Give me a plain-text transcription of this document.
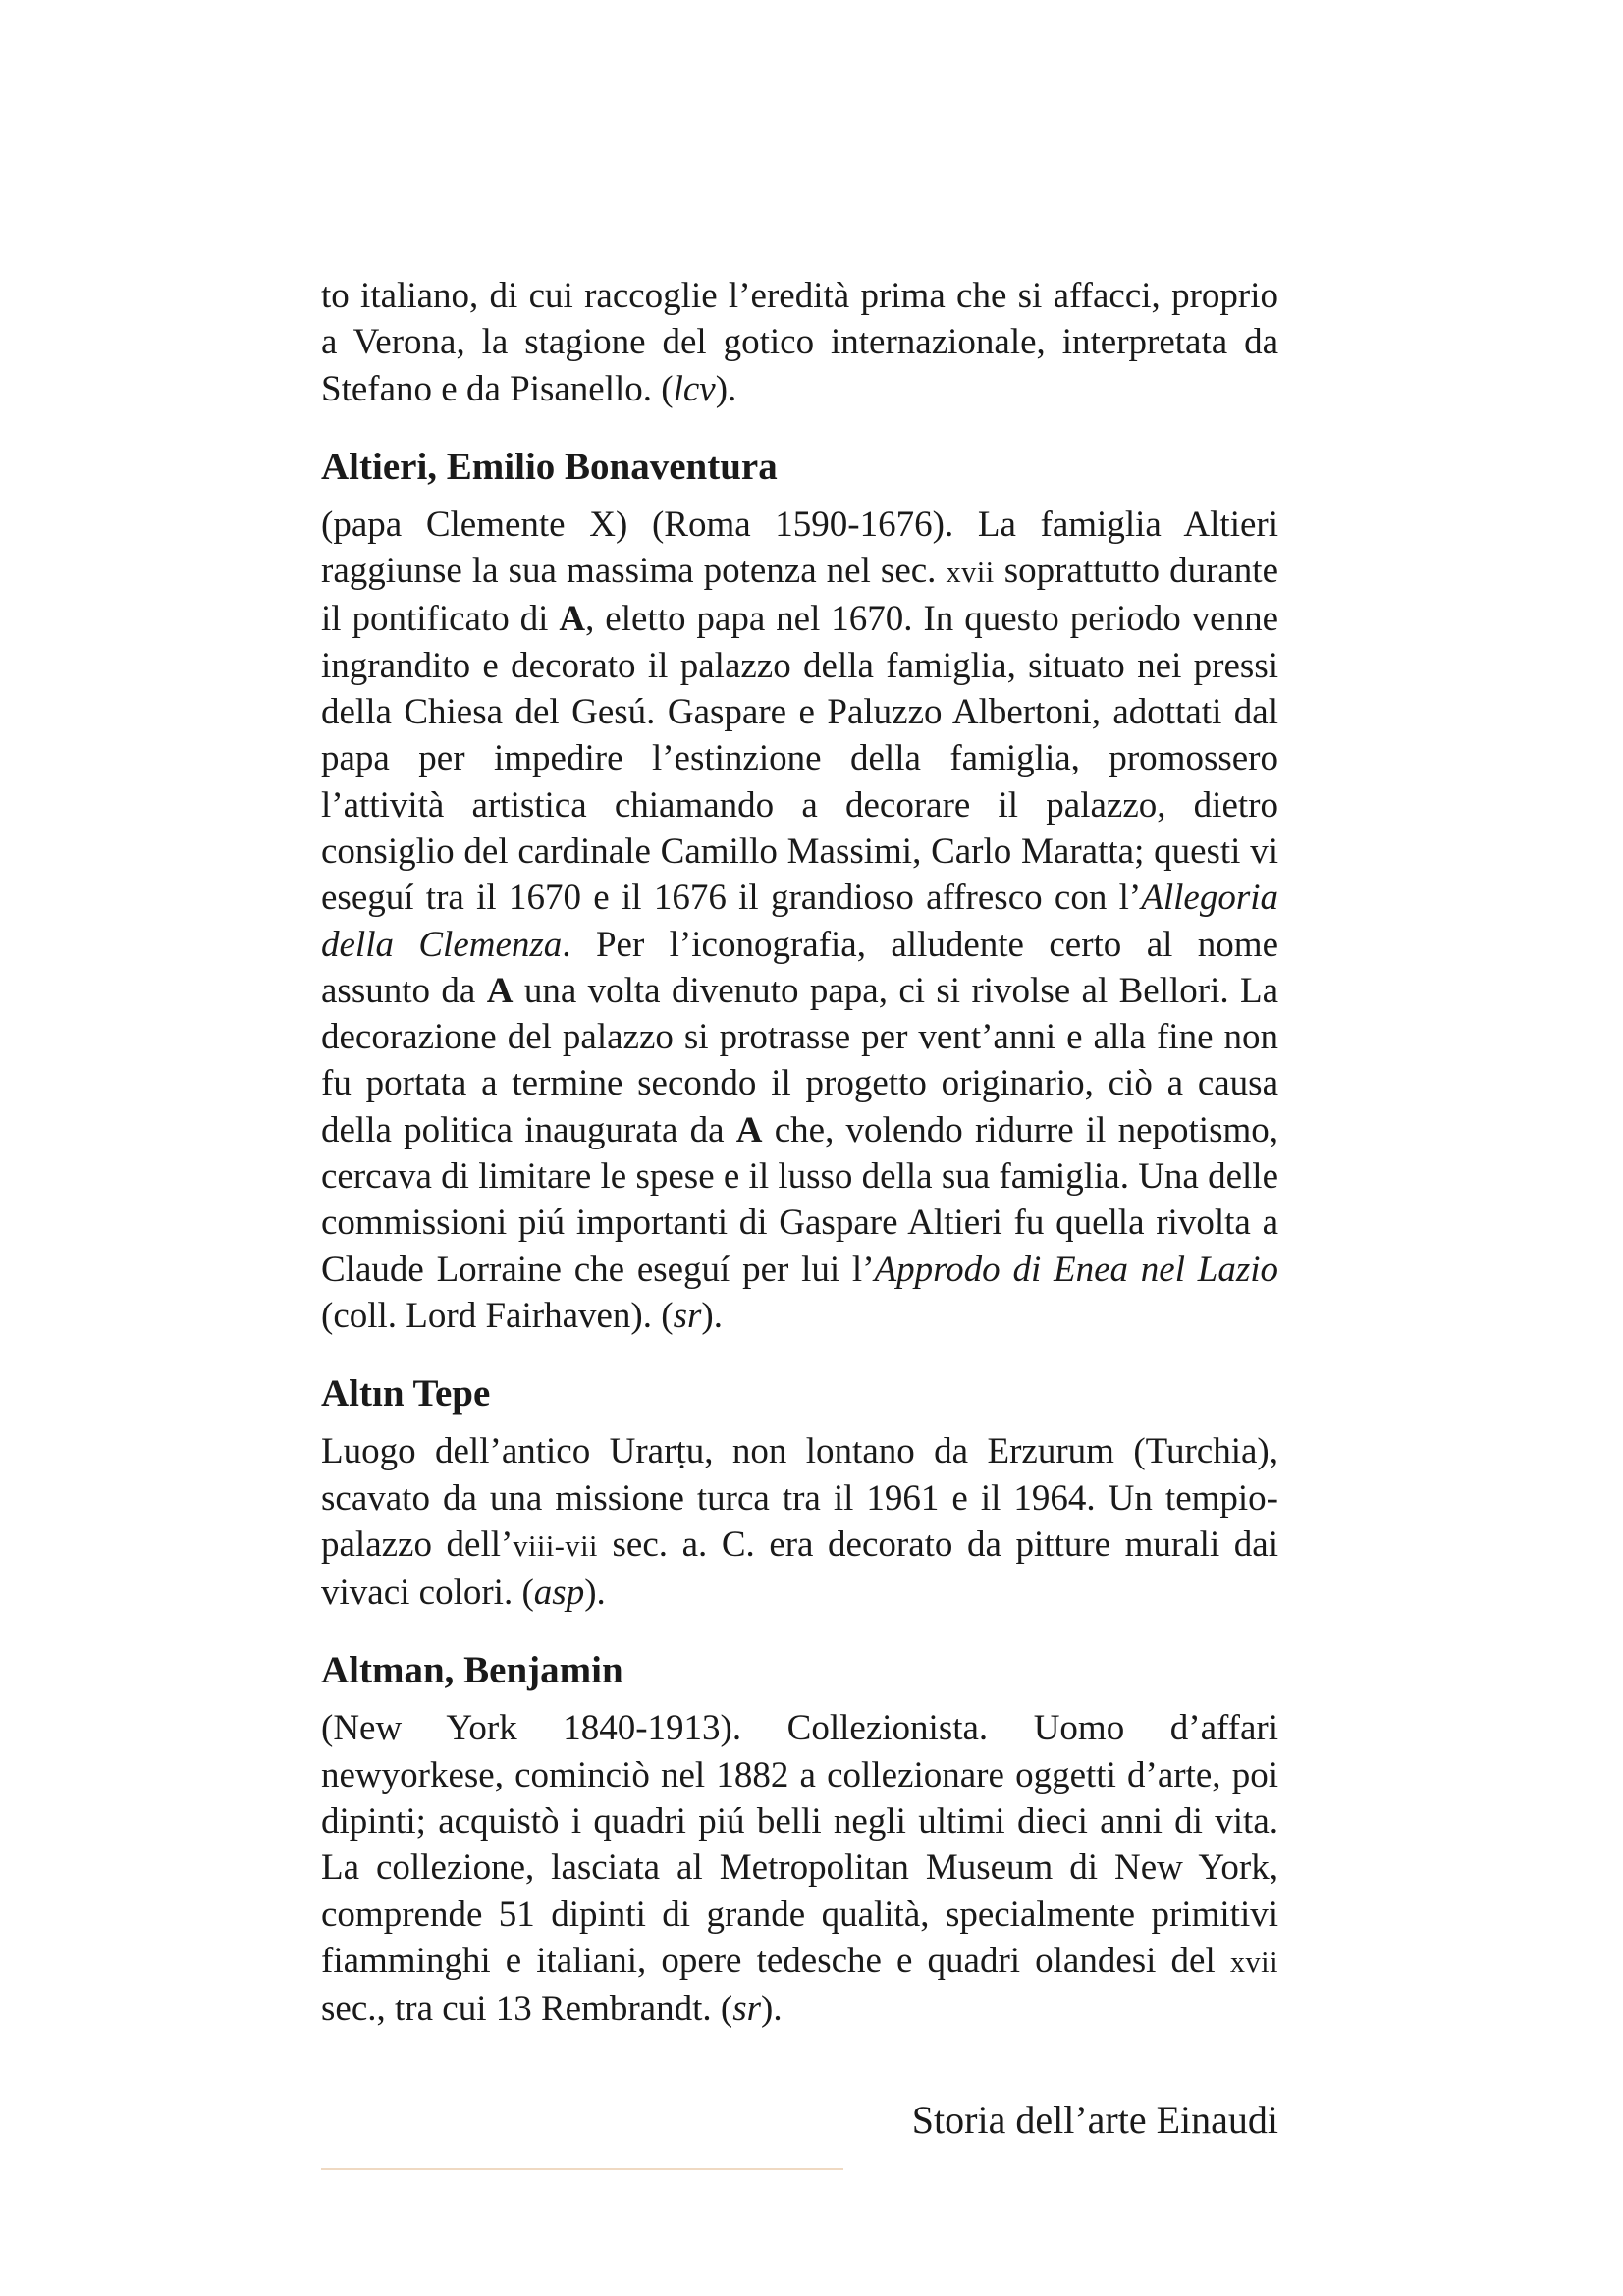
to italiano, di cui raccoglie l’eredità prima che si affacci, proprio a Verona, la stagione del gotico internazionale, interpretata da Stefano e da Pisanello. (lcv).

Altieri, Emilio Bonaventura

(papa Clemente X) (Roma 1590-1676). La famiglia Altieri raggiunse la sua massima potenza nel sec. xvii soprattutto durante il pontificato di A, eletto papa nel 1670. In questo periodo venne ingrandito e decorato il palazzo della famiglia, situato nei pressi della Chiesa del Gesú. Gaspare e Paluzzo Albertoni, adottati dal papa per impedire l’estinzione della famiglia, promossero l’attività artistica chiamando a decorare il palazzo, dietro consiglio del cardinale Camillo Massimi, Carlo Maratta; questi vi eseguí tra il 1670 e il 1676 il grandioso affresco con l’Allegoria della Clemenza. Per l’iconografia, alludente certo al nome assunto da A una volta divenuto papa, ci si rivolse al Bellori. La decorazione del palazzo si protrasse per vent’anni e alla fine non fu portata a termine secondo il progetto originario, ciò a causa della politica inaugurata da A che, volendo ridurre il nepotismo, cercava di limitare le spese e il lusso della sua famiglia. Una delle commissioni piú importanti di Gaspare Altieri fu quella rivolta a Claude Lorraine che eseguí per lui l’Approdo di Enea nel Lazio (coll. Lord Fairhaven). (sr).

Altın Tepe

Luogo dell’antico Urarṭu, non lontano da Erzurum (Turchia), scavato da una missione turca tra il 1961 e il 1964. Un tempio-palazzo dell’viii-vii sec. a. C. era decorato da pitture murali dai vivaci colori. (asp).

Altman, Benjamin

(New York 1840-1913). Collezionista. Uomo d’affari newyorkese, cominciò nel 1882 a collezionare oggetti d’arte, poi dipinti; acquistò i quadri piú belli negli ultimi dieci anni di vita. La collezione, lasciata al Metropolitan Museum di New York, comprende 51 dipinti di grande qualità, specialmente primitivi fiamminghi e italiani, opere tedesche e quadri olandesi del xvii sec., tra cui 13 Rembrandt. (sr).

Storia dell’arte Einaudi
